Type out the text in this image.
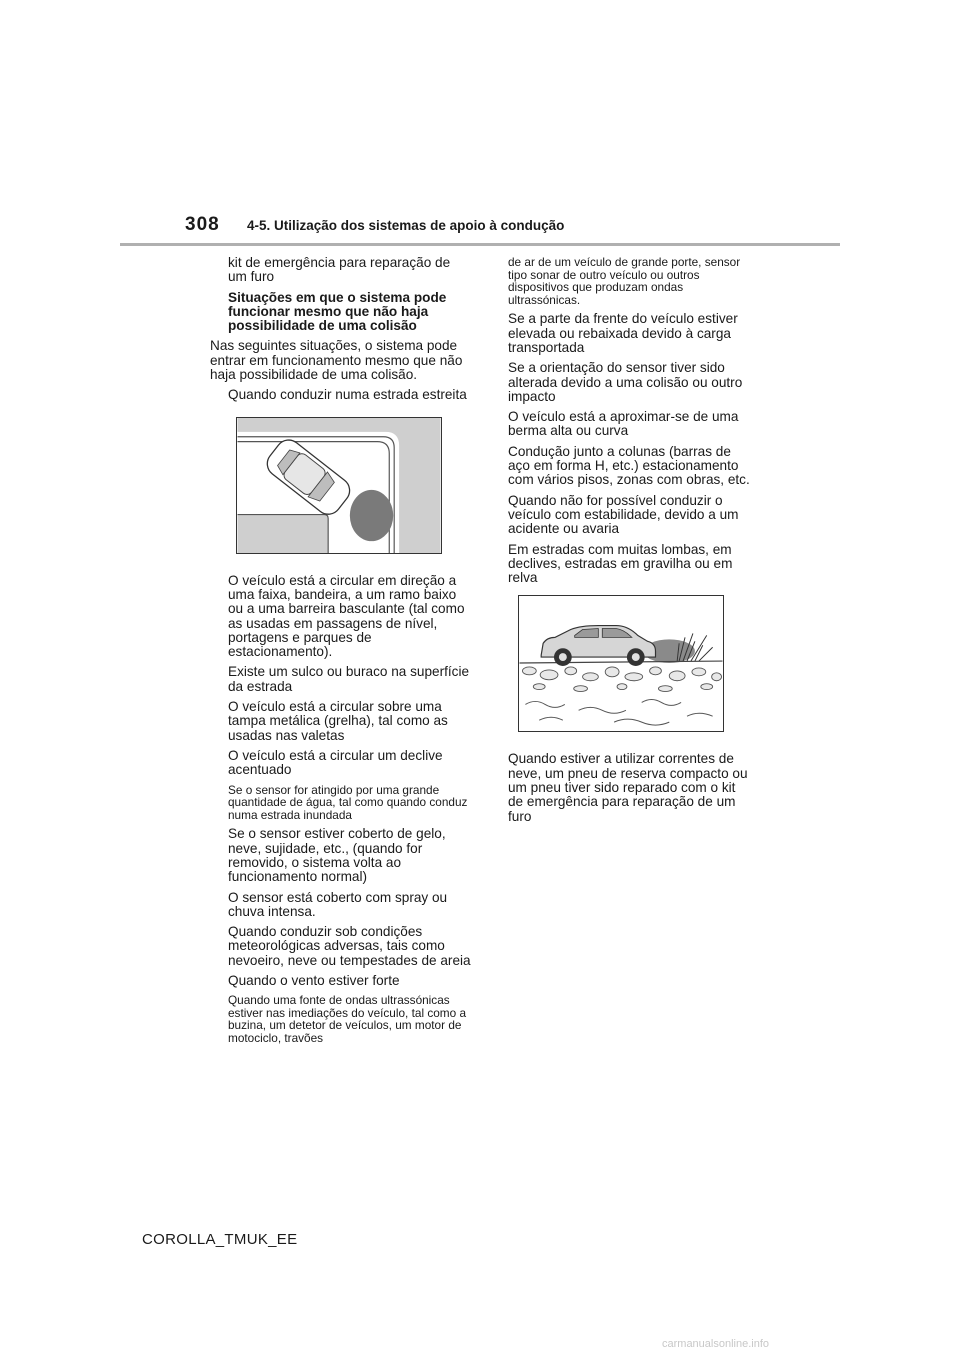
308 4-5. Utilização dos sistemas de apoio à condução

kit de emergência para reparação de um furo

Situações em que o sistema pode funcionar mesmo que não haja possibilidade de uma colisão

Nas seguintes situações, o sistema pode entrar em funcionamento mesmo que não haja possibilidade de uma colisão.

Quando conduzir numa estrada estreita

O veículo está a circular em direção a uma faixa, bandeira, a um ramo baixo ou a uma barreira basculante (tal como as usadas em passagens de nível, portagens e parques de estacionamento).

Existe um sulco ou buraco na superfície da estrada

O veículo está a circular sobre uma tampa metálica (grelha), tal como as usadas nas valetas

O veículo está a circular um declive acentuado

Se o sensor for atingido por uma grande quantidade de água, tal como quando conduz numa estrada inundada

Se o sensor estiver coberto de gelo, neve, sujidade, etc., (quando for removido, o sistema volta ao funcionamento normal)

O sensor está coberto com spray ou chuva intensa.

Quando conduzir sob condições meteorológicas adversas, tais como nevoeiro, neve ou tempestades de areia

Quando o vento estiver forte

Quando uma fonte de ondas ultrassónicas estiver nas imediações do veículo, tal como a buzina, um detetor de veículos, um motor de motociclo, travões

de ar de um veículo de grande porte, sensor tipo sonar de outro veículo ou outros dispositivos que produzam ondas ultrassónicas.

Se a parte da frente do veículo estiver elevada ou rebaixada devido à carga transportada

Se a orientação do sensor tiver sido alterada devido a uma colisão ou outro impacto

O veículo está a aproximar-se de uma berma alta ou curva

Condução junto a colunas (barras de aço em forma H, etc.) estacionamento com vários pisos, zonas com obras, etc.

Quando não for possível conduzir o veículo com estabilidade, devido a um acidente ou avaria

Em estradas com muitas lombas, em declives, estradas em gravilha ou em relva

Quando estiver a utilizar correntes de neve, um pneu de reserva compacto ou um pneu tiver sido reparado com o kit de emergência para reparação de um furo

COROLLA_TMUK_EE
carmanualsonline.info
